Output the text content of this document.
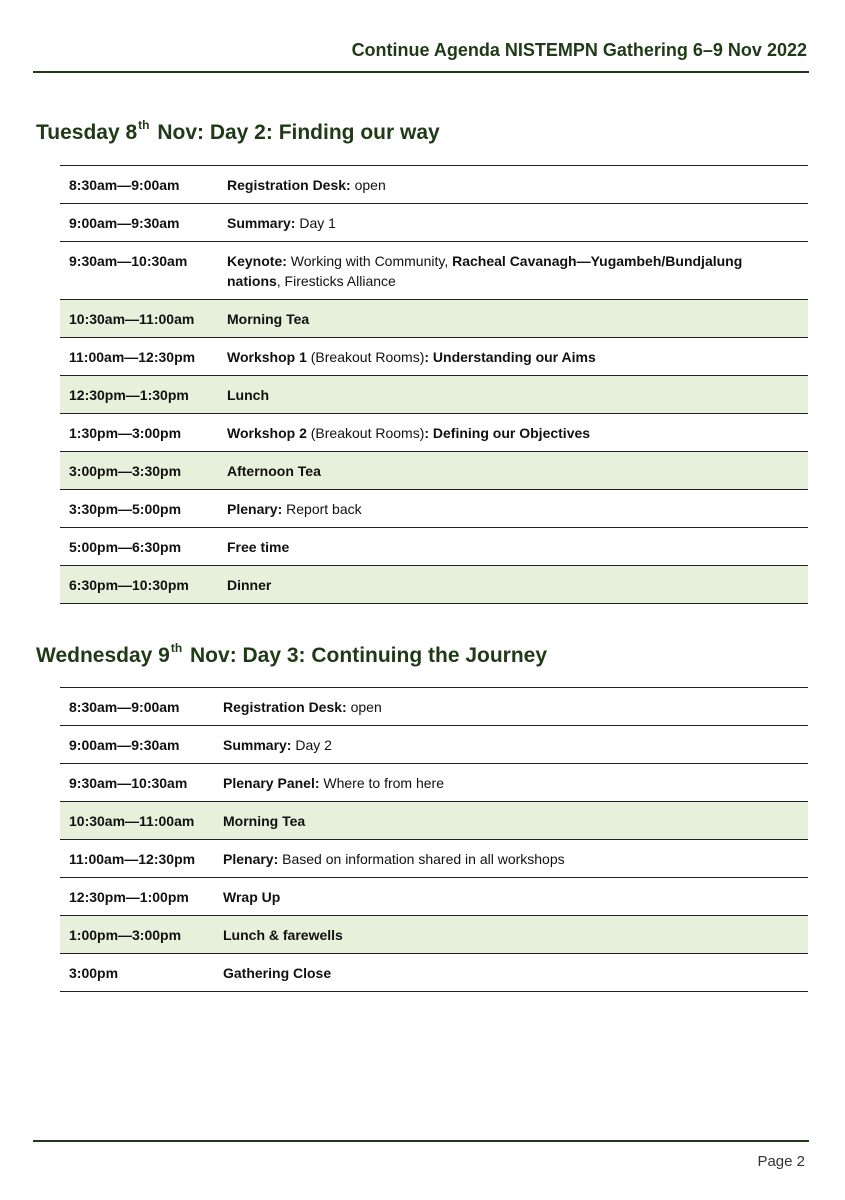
Continue Agenda NISTEMPN Gathering 6–9 Nov 2022
Tuesday 8th Nov: Day 2: Finding our way
8:30am—9:00am	Registration Desk: open
9:00am—9:30am	Summary: Day 1
9:30am—10:30am	Keynote: Working with Community, Racheal Cavanagh—Yugambeh/Bundjalung nations, Firesticks Alliance
10:30am—11:00am	Morning Tea
11:00am—12:30pm	Workshop 1 (Breakout Rooms): Understanding our Aims
12:30pm—1:30pm	Lunch
1:30pm—3:00pm	Workshop 2 (Breakout Rooms): Defining our Objectives
3:00pm—3:30pm	Afternoon Tea
3:30pm—5:00pm	Plenary: Report back
5:00pm—6:30pm	Free time
6:30pm—10:30pm	Dinner
Wednesday 9th Nov: Day 3: Continuing the Journey
8:30am—9:00am	Registration Desk: open
9:00am—9:30am	Summary: Day 2
9:30am—10:30am	Plenary Panel: Where to from here
10:30am—11:00am	Morning Tea
11:00am—12:30pm	Plenary: Based on information shared in all workshops
12:30pm—1:00pm	Wrap Up
1:00pm—3:00pm	Lunch & farewells
3:00pm	Gathering Close
Page 2
